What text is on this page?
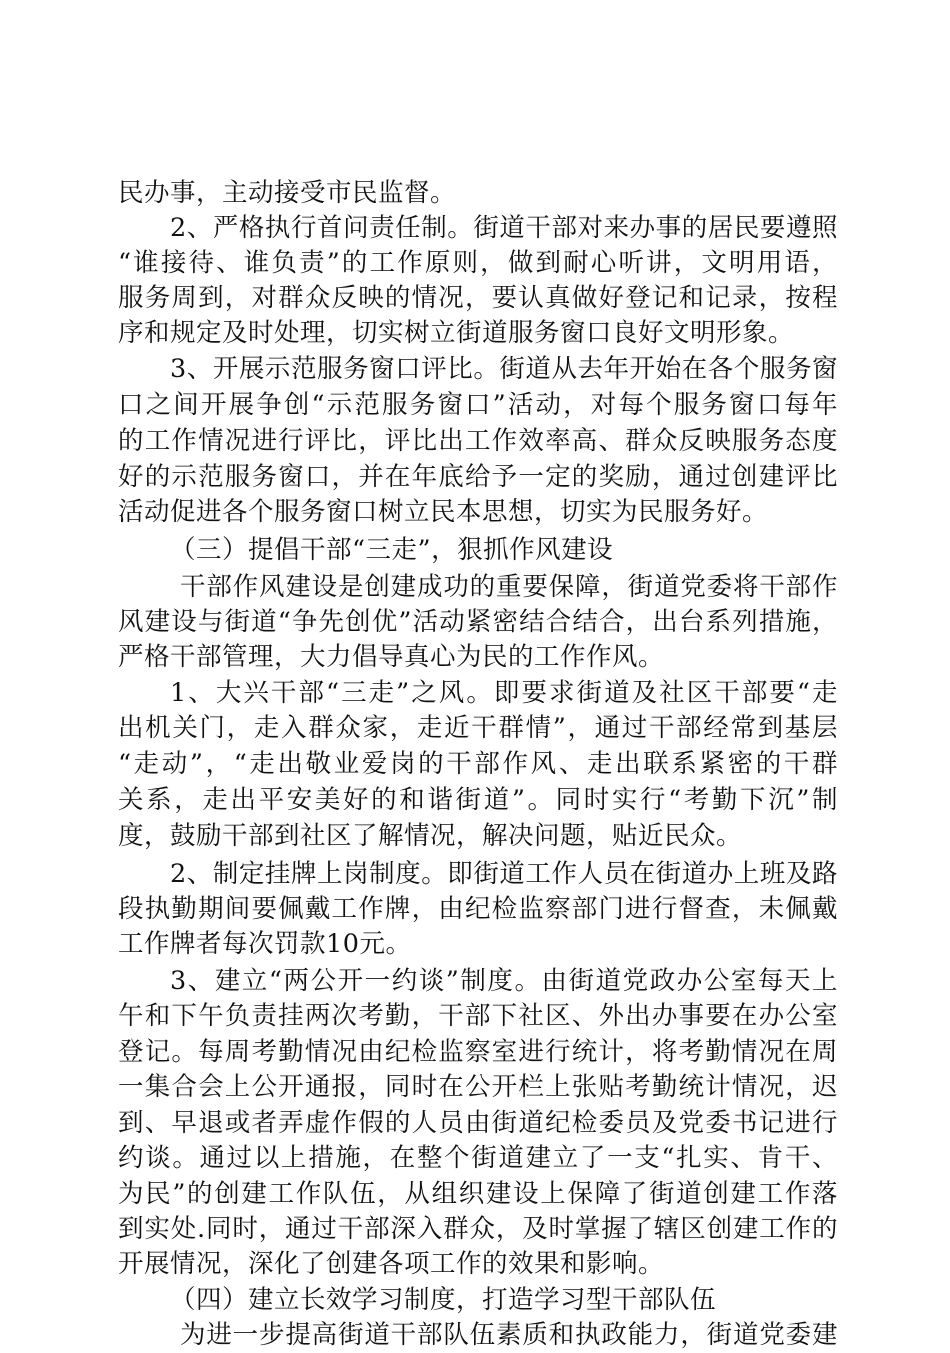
民办事，主动接受市民监督。
2、严格执行首问责任制。街道干部对来办事的居民要遵照
“谁接待、谁负责”的工作原则，做到耐心听讲，文明用语，
服务周到，对群众反映的情况，要认真做好登记和记录，按程
序和规定及时处理，切实树立街道服务窗口良好文明形象。
3、开展示范服务窗口评比。街道从去年开始在各个服务窗
口之间开展争创“示范服务窗口”活动，对每个服务窗口每年
的工作情况进行评比，评比出工作效率高、群众反映服务态度
好的示范服务窗口，并在年底给予一定的奖励，通过创建评比
活动促进各个服务窗口树立民本思想，切实为民服务好。
（三）提倡干部“三走”，狠抓作风建设
干部作风建设是创建成功的重要保障，街道党委将干部作
风建设与街道“争先创优”活动紧密结合结合，出台系列措施，
严格干部管理，大力倡导真心为民的工作作风。
1、大兴干部“三走”之风。即要求街道及社区干部要“走
出机关门，走入群众家，走近干群情”，通过干部经常到基层
“走动”，“走出敬业爱岗的干部作风、走出联系紧密的干群
关系，走出平安美好的和谐街道”。同时实行“考勤下沉”制
度，鼓励干部到社区了解情况，解决问题，贴近民众。
2、制定挂牌上岗制度。即街道工作人员在街道办上班及路
段执勤期间要佩戴工作牌，由纪检监察部门进行督查，未佩戴
工作牌者每次罚款10元。
3、建立“两公开一约谈”制度。由街道党政办公室每天上
午和下午负责挂两次考勤，干部下社区、外出办事要在办公室
登记。每周考勤情况由纪检监察室进行统计，将考勤情况在周
一集合会上公开通报，同时在公开栏上张贴考勤统计情况，迟
到、早退或者弄虚作假的人员由街道纪检委员及党委书记进行
约谈。通过以上措施，在整个街道建立了一支“扎实、肯干、
为民”的创建工作队伍，从组织建设上保障了街道创建工作落
到实处.同时，通过干部深入群众，及时掌握了辖区创建工作的
开展情况，深化了创建各项工作的效果和影响。
（四）建立长效学习制度，打造学习型干部队伍
为进一步提高街道干部队伍素质和执政能力，街道党委建
